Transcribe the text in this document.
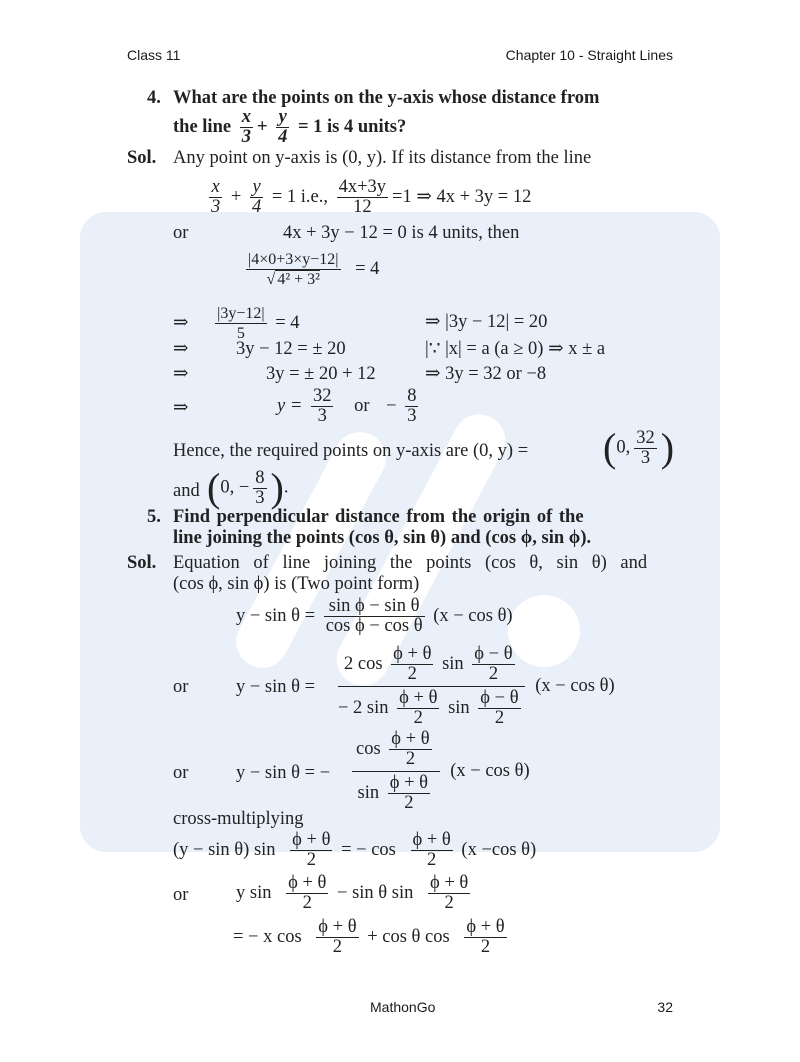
Class 11	Chapter 10 - Straight Lines
4. What are the points on the y-axis whose distance from
the line $\frac{x}{3} + \frac{y}{4} = 1$ is 4 units?
Sol. Any point on y-axis is (0, y). If its distance from the line
$\frac{x}{3} + \frac{y}{4} = 1$ i.e., $\frac{4x+3y}{12} =1$ ⇒ 4x + 3y = 12
or	4x + 3y − 12 = 0 is 4 units, then
$\frac{|4\times 0+3\times y-12|}{\text{√ 4² + 3²}} = 4$
⇒ $\frac{|3y-12|}{5} = 4$	⇒ |3y − 12| = 20
⇒	3y − 12 = ± 20	|∵ |x| = a (a ≥ 0) ⇒ x ± a
⇒	3y = ± 20 + 12	⇒ 3y = 32 or −8
⇒	$y = \frac{32}{3}$ or − $\frac{8}{3}$
Hence, the required points on y-axis are (0, y) = (0, $\frac{32}{3}$ )
and (0, − $\frac{8}{3}$ ).
5. Find perpendicular distance from the origin of the
line joining the points (cos θ, sin θ) and (cos ϕ, sin ϕ).
Sol. Equation of line joining the points (cos θ, sin θ) and
(cos ϕ, sin ϕ) is (Two point form)
$y - \sin \theta = \frac{\text{sin ϕ − sin θ}}{\text{cos ϕ − cos θ}} (x - \cos \theta)$
or	$y - \sin \theta = \frac{2 \cos \frac{\phi + \theta}{2} \sin \frac{\phi - \theta}{2}}{- 2 \sin \frac{\phi + \theta}{2} \sin \frac{\phi - \theta}{2}} (x - \cos \theta)$
or	y − sin θ = − $\frac{\cos \frac{\phi + \theta}{2}}{\sin \frac{\phi + \theta}{2}} (x - \cos \theta)$
cross-multiplying
(y − sin θ) $\sin \frac{\phi + \theta}{2}$ = − $\cos \frac{\phi + \theta}{2} (x -\cos$ θ)
or	y $\sin \frac{\phi + \theta}{2} - \sin \theta$ $\sin \frac{\phi + \theta}{2}$
= − x $\cos \frac{\phi + \theta}{2} + \cos \theta$ $\cos \frac{\phi + \theta}{2}$
MathonGo	32
